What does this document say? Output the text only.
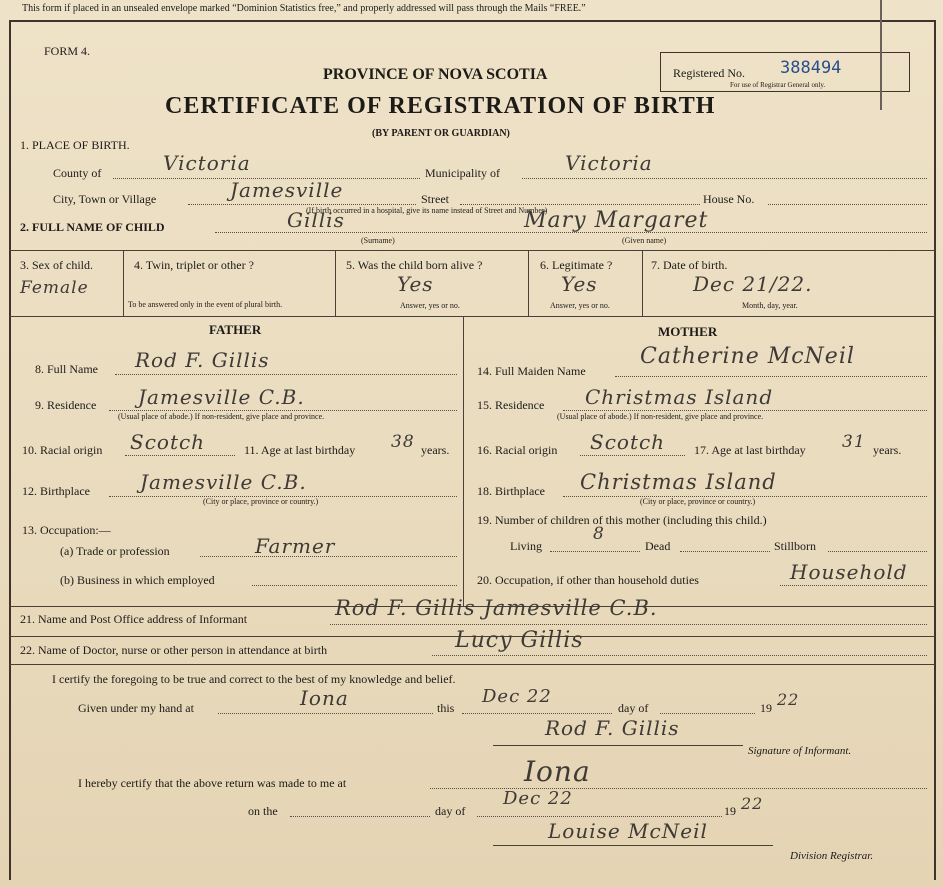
This form if placed in an unsealed envelope marked “Dominion Statistics free,” and properly addressed will pass through the Mails “FREE.”
FORM 4.
PROVINCE OF NOVA SCOTIA
CERTIFICATE OF REGISTRATION OF BIRTH
(BY PARENT OR GUARDIAN)
Registered No. 388494
For use of Registrar General only.
1. PLACE OF BIRTH.
County of	Victoria	Municipality of	Victoria
City, Town or Village	Jamesville	Street	House No.
(If birth occurred in a hospital, give its name instead of Street and Number)
2. FULL NAME OF CHILD	Gillis
(Surname)
Mary Margaret
(Given name)
3. Sex of child.
Female
4. Twin, triplet or other ?
To be answered only in the event of plural birth.
5. Was the child born alive ?
Yes
Answer, yes or no.
6. Legitimate ?
Yes
Answer, yes or no.
7. Date of birth.
Dec 21/22.
Month, day, year.
FATHER	MOTHER
8. Full Name Rod F. Gillis
9. Residence Jamesville C.B.
(Usual place of abode.) If non-resident, give place and province.
10. Racial origin Scotch	11. Age at last birthday 38 years.
12. Birthplace	Jamesville C.B.
(City or place, province or country.)
13. Occupation:—
(a) Trade or profession	Farmer
(b) Business in which employed
14. Full Maiden Name
Catherine McNeil
15. Residence Christmas Island
(Usual place of abode.) If non-resident, give place and province.
16. Racial origin Scotch 17. Age at last birthday 31 years.
18. Birthplace Christmas Island
(City or place, province or country.)
19. Number of children of this mother (including this child.)
Living
8
Dead	Stillborn
20. Occupation, if other than household duties	Household
21. Name and Post Office address of Informant	Rod F. Gillis Jamesville C.B.
22. Name of Doctor, nurse or other person in attendance at birth	Lucy Gillis
I certify the foregoing to be true and correct to the best of my knowledge and belief.
Given under my hand at	Iona	this
Dec 22
day of	19 22
Rod F. Gillis
Signature of Informant.
I hereby certify that the above return was made to me at	Iona
on the	day of
Dec 22
19 22
Louise McNeil
Division Registrar.
